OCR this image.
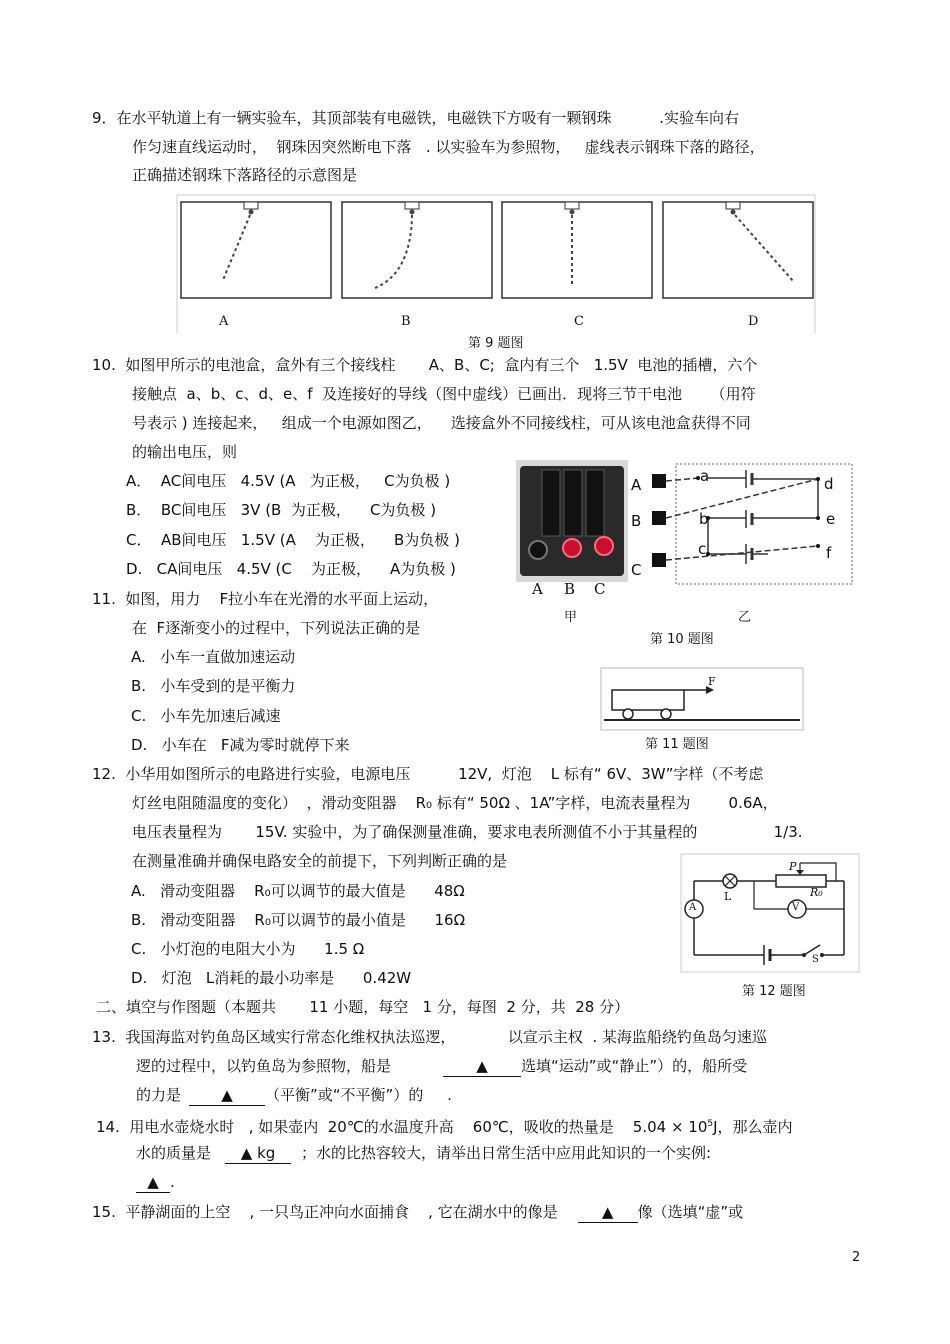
9．在水平轨道上有一辆实验车，其顶部装有电磁铁，电磁铁下方吸有一颗钢珠          .实验车向右
作匀速直线运动时，  钢珠因突然断电下落   . 以实验车为参照物，   虚线表示钢珠下落的路径，
正确描述钢珠下落路径的示意图是
A	B	C	D
第 9 题图
10.  如图甲所示的电池盒，盒外有三个接线柱       A、B、C;  盒内有三个   1.5V  电池的插槽，六个
接触点  a、b、c、d、e、f  及连接好的导线（图中虚线）已画出．现将三节干电池      （用符
号表示 ) 连接起来，   组成一个电源如图乙，    选接盒外不同接线柱，可从该电池盒获得不同
的输出电压，则
A．  AC间电压   4.5V (A   为正极，   C为负极 )
B．  BC间电压   3V (B  为正极，    C为负极 )
C．  AB间电压   1.5V (A    为正极，    B为负极 )
D.   CA间电压   4.5V (C    为正极，    A为负极 )
A B C
甲
A
B
C
a
b
c
d
e
f
乙
第 10 题图
11.  如图，用力    F拉小车在光滑的水平面上运动，
在  F逐渐变小的过程中，下列说法正确的是
A.   小车一直做加速运动
B.   小车受到的是平衡力
C.   小车先加速后减速
D.   小车在   F减为零时就停下来
F
第 11 题图
12.  小华用如图所示的电路进行实验，电源电压          12V,  灯泡    L 标有“ 6V、3W”字样（不考虑
灯丝电阻随温度的变化）  ，滑动变阻器    R₀ 标有“ 50Ω 、1A”字样，电流表量程为        0.6A，
电压表量程为       15V. 实验中，为了确保测量准确，要求电表所测值不小于其量程的                1/3.
在测量准确并确保电路安全的前提下，下列判断正确的是
A.   滑动变阻器    R₀可以调节的最大值是      48Ω
B.   滑动变阻器    R₀可以调节的最小值是      16Ω
C.   小灯泡的电阻大小为      1.5 Ω
D.   灯泡   L消耗的最小功率是      0.42W
P
R₀
L
A	V
S
第 12 题图
二、填空与作图题（本题共       11 小题，每空   1 分，每图  2 分，共  28 分）
13.  我国海监对钓鱼岛区域实行常态化维权执法巡逻，           以宣示主权  . 某海监船绕钓鱼岛匀速巡
逻的过程中，以钓鱼岛为参照物，船是	▲ 选填“运动”或“静止”）的，船所受
的力是	▲ （平衡”或“不平衡”）的     .
14.  用电水壶烧水时   , 如果壶内  20℃的水温度升高    60℃，吸收的热量是    $5.04 \times 10^5J$，那么壶内
水的质量是 ▲ kg ；水的比热容较大，请举出日常生活中应用此知识的一个实例:
▲ .
15.  平静湖面的上空    , 一只鸟正冲向水面捕食    , 它在湖水中的像是	▲ 像（选填“虚”或
2
